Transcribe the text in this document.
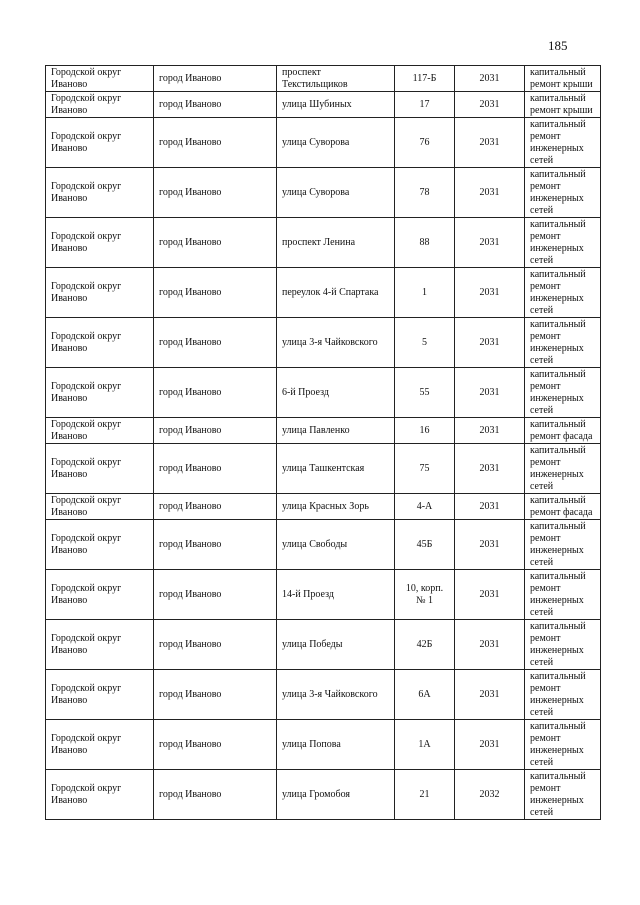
185
Городской округ Иваново	город Иваново	проспект Текстильщиков	117-Б	2031	капитальный ремонт крыши
Городской округ Иваново	город Иваново	улица Шубиных	17	2031	капитальный ремонт крыши
Городской округ Иваново	город Иваново	улица Суворова	76	2031	капитальный ремонт инженерных сетей
Городской округ Иваново	город Иваново	улица Суворова	78	2031	капитальный ремонт инженерных сетей
Городской округ Иваново	город Иваново	проспект Ленина	88	2031	капитальный ремонт инженерных сетей
Городской округ Иваново	город Иваново	переулок 4-й Спартака	1	2031	капитальный ремонт инженерных сетей
Городской округ Иваново	город Иваново	улица 3-я Чайковского	5	2031	капитальный ремонт инженерных сетей
Городской округ Иваново	город Иваново	6-й Проезд	55	2031	капитальный ремонт инженерных сетей
Городской округ Иваново	город Иваново	улица Павленко	16	2031	капитальный ремонт фасада
Городской округ Иваново	город Иваново	улица Ташкентская	75	2031	капитальный ремонт инженерных сетей
Городской округ Иваново	город Иваново	улица Красных Зорь	4-А	2031	капитальный ремонт фасада
Городской округ Иваново	город Иваново	улица Свободы	45Б	2031	капитальный ремонт инженерных сетей
Городской округ Иваново	город Иваново	14-й Проезд	10, корп. № 1	2031	капитальный ремонт инженерных сетей
Городской округ Иваново	город Иваново	улица Победы	42Б	2031	капитальный ремонт инженерных сетей
Городской округ Иваново	город Иваново	улица 3-я Чайковского	6А	2031	капитальный ремонт инженерных сетей
Городской округ Иваново	город Иваново	улица Попова	1А	2031	капитальный ремонт инженерных сетей
Городской округ Иваново	город Иваново	улица Громобоя	21	2032	капитальный ремонт инженерных сетей
